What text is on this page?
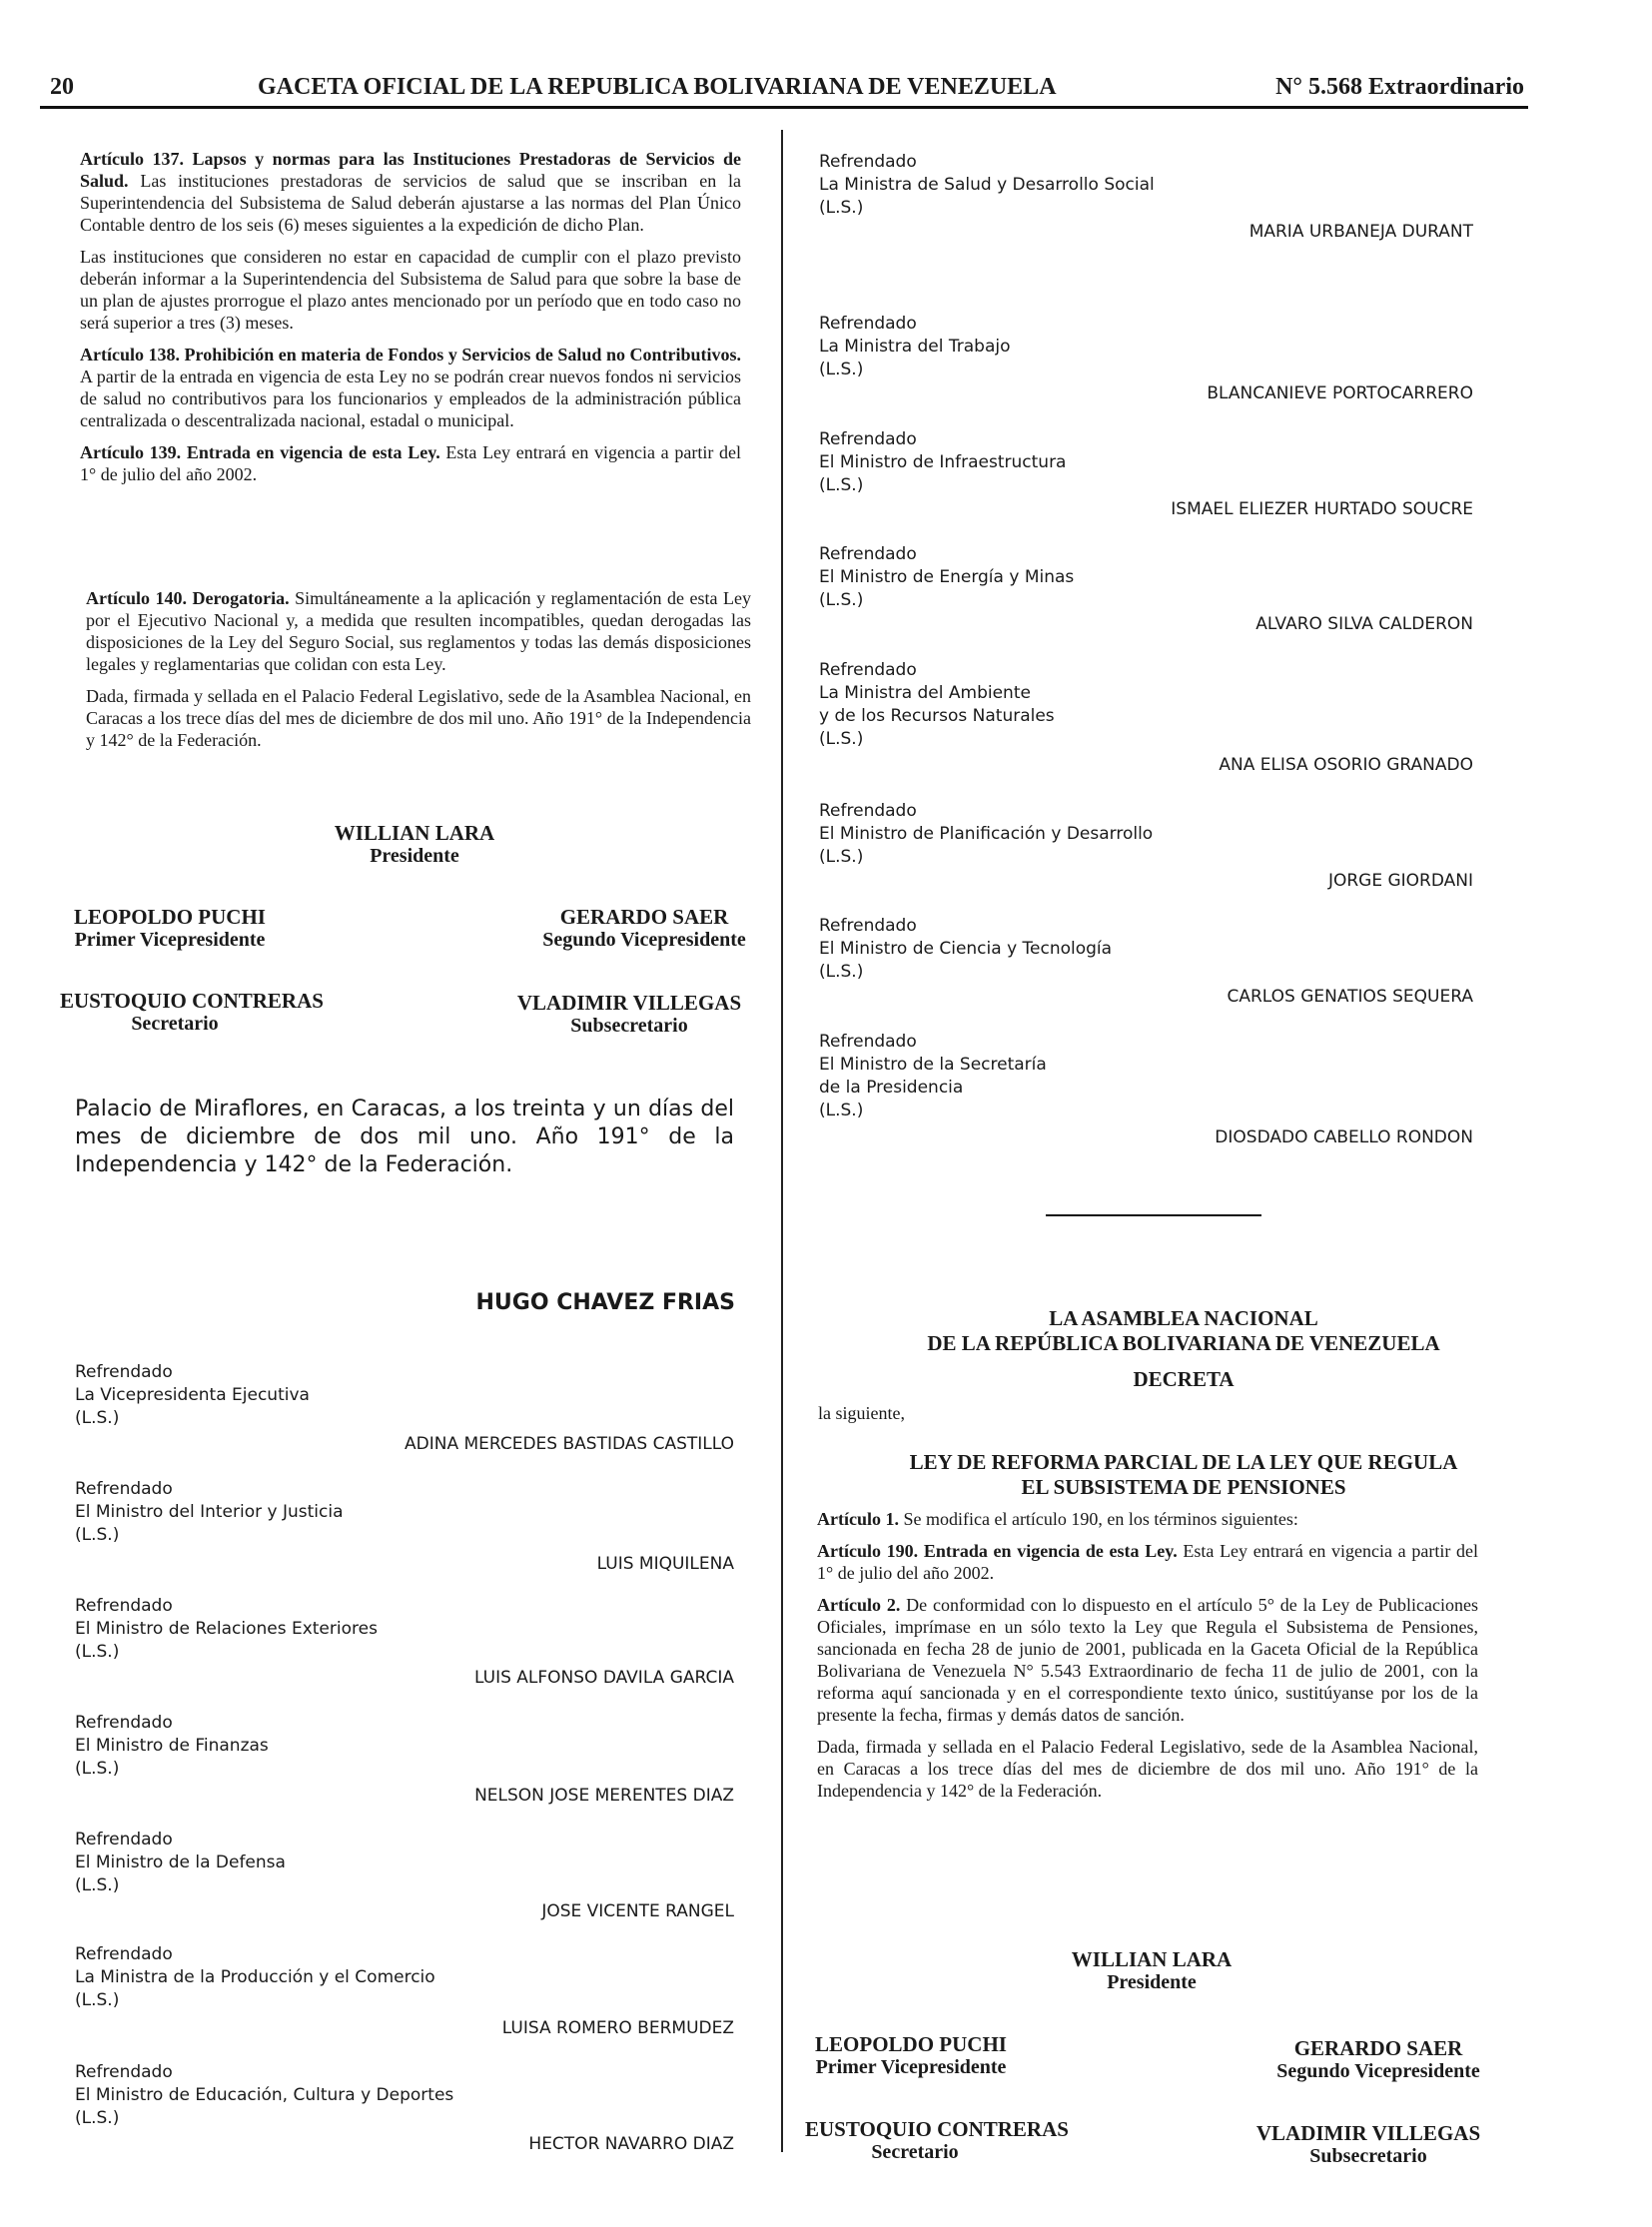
20	GACETA OFICIAL DE LA REPUBLICA BOLIVARIANA DE VENEZUELA	N° 5.568 Extraordinario

Artículo 137. Lapsos y normas para las Instituciones Prestadoras de Servicios de Salud. Las instituciones prestadoras de servicios de salud que se inscriban en la Superintendencia del Subsistema de Salud deberán ajustarse a las normas del Plan Único Contable dentro de los seis (6) meses siguientes a la expedición de dicho Plan.

Las instituciones que consideren no estar en capacidad de cumplir con el plazo previsto deberán informar a la Superintendencia del Subsistema de Salud para que sobre la base de un plan de ajustes prorrogue el plazo antes mencionado por un período que en todo caso no será superior a tres (3) meses.

Artículo 138. Prohibición en materia de Fondos y Servicios de Salud no Contributivos. A partir de la entrada en vigencia de esta Ley no se podrán crear nuevos fondos ni servicios de salud no contributivos para los funcionarios y empleados de la administración pública centralizada o descentralizada nacional, estadal o municipal.

Artículo 139. Entrada en vigencia de esta Ley. Esta Ley entrará en vigencia a partir del 1° de julio del año 2002.

Artículo 140. Derogatoria. Simultáneamente a la aplicación y reglamentación de esta Ley por el Ejecutivo Nacional y, a medida que resulten incompatibles, quedan derogadas las disposiciones de la Ley del Seguro Social, sus reglamentos y todas las demás disposiciones legales y reglamentarias que colidan con esta Ley.

Dada, firmada y sellada en el Palacio Federal Legislativo, sede de la Asamblea Nacional, en Caracas a los trece días del mes de diciembre de dos mil uno. Año 191° de la Independencia y 142° de la Federación.

WILLIAN LARA
Presidente
LEOPOLDO PUCHI
Primer Vicepresidente
GERARDO SAER
Segundo Vicepresidente
EUSTOQUIO CONTRERAS
Secretario
VLADIMIR VILLEGAS
Subsecretario
Palacio de Miraflores, en Caracas, a los treinta y un días del mes de diciembre de dos mil uno. Año 191° de la Independencia y 142° de la Federación.
HUGO CHAVEZ FRIAS
Refrendado
La Vicepresidenta Ejecutiva
(L.S.)
ADINA MERCEDES BASTIDAS CASTILLO
Refrendado
El Ministro del Interior y Justicia
(L.S.)
LUIS MIQUILENA
Refrendado
El Ministro de Relaciones Exteriores
(L.S.)
LUIS ALFONSO DAVILA GARCIA
Refrendado
El Ministro de Finanzas
(L.S.)
NELSON JOSE MERENTES DIAZ
Refrendado
El Ministro de la Defensa
(L.S.)
JOSE VICENTE RANGEL
Refrendado
La Ministra de la Producción y el Comercio
(L.S.)
LUISA ROMERO BERMUDEZ
Refrendado
El Ministro de Educación, Cultura y Deportes
(L.S.)
HECTOR NAVARRO DIAZ
Refrendado
La Ministra de Salud y Desarrollo Social
(L.S.)
MARIA URBANEJA DURANT
Refrendado
La Ministra del Trabajo
(L.S.)
BLANCANIEVE PORTOCARRERO
Refrendado
El Ministro de Infraestructura
(L.S.)
ISMAEL ELIEZER HURTADO SOUCRE
Refrendado
El Ministro de Energía y Minas
(L.S.)
ALVARO SILVA CALDERON
Refrendado
La Ministra del Ambiente
y de los Recursos Naturales
(L.S.)
ANA ELISA OSORIO GRANADO
Refrendado
El Ministro de Planificación y Desarrollo
(L.S.)
JORGE GIORDANI
Refrendado
El Ministro de Ciencia y Tecnología
(L.S.)
CARLOS GENATIOS SEQUERA
Refrendado
El Ministro de la Secretaría
de la Presidencia
(L.S.)
DIOSDADO CABELLO RONDON
LA ASAMBLEA NACIONAL
DE LA REPÚBLICA BOLIVARIANA DE VENEZUELA
DECRETA
la siguiente,
LEY DE REFORMA PARCIAL DE LA LEY QUE REGULA
EL SUBSISTEMA DE PENSIONES

Artículo 1. Se modifica el artículo 190, en los términos siguientes:

Artículo 190. Entrada en vigencia de esta Ley. Esta Ley entrará en vigencia a partir del 1° de julio del año 2002.

Artículo 2. De conformidad con lo dispuesto en el artículo 5° de la Ley de Publicaciones Oficiales, imprímase en un sólo texto la Ley que Regula el Subsistema de Pensiones, sancionada en fecha 28 de junio de 2001, publicada en la Gaceta Oficial de la República Bolivariana de Venezuela N° 5.543 Extraordinario de fecha 11 de julio de 2001, con la reforma aquí sancionada y en el correspondiente texto único, sustitúyanse por los de la presente la fecha, firmas y demás datos de sanción.

Dada, firmada y sellada en el Palacio Federal Legislativo, sede de la Asamblea Nacional, en Caracas a los trece días del mes de diciembre de dos mil uno. Año 191° de la Independencia y 142° de la Federación.

WILLIAN LARA
Presidente
LEOPOLDO PUCHI
Primer Vicepresidente
GERARDO SAER
Segundo Vicepresidente
EUSTOQUIO CONTRERAS
Secretario
VLADIMIR VILLEGAS
Subsecretario
